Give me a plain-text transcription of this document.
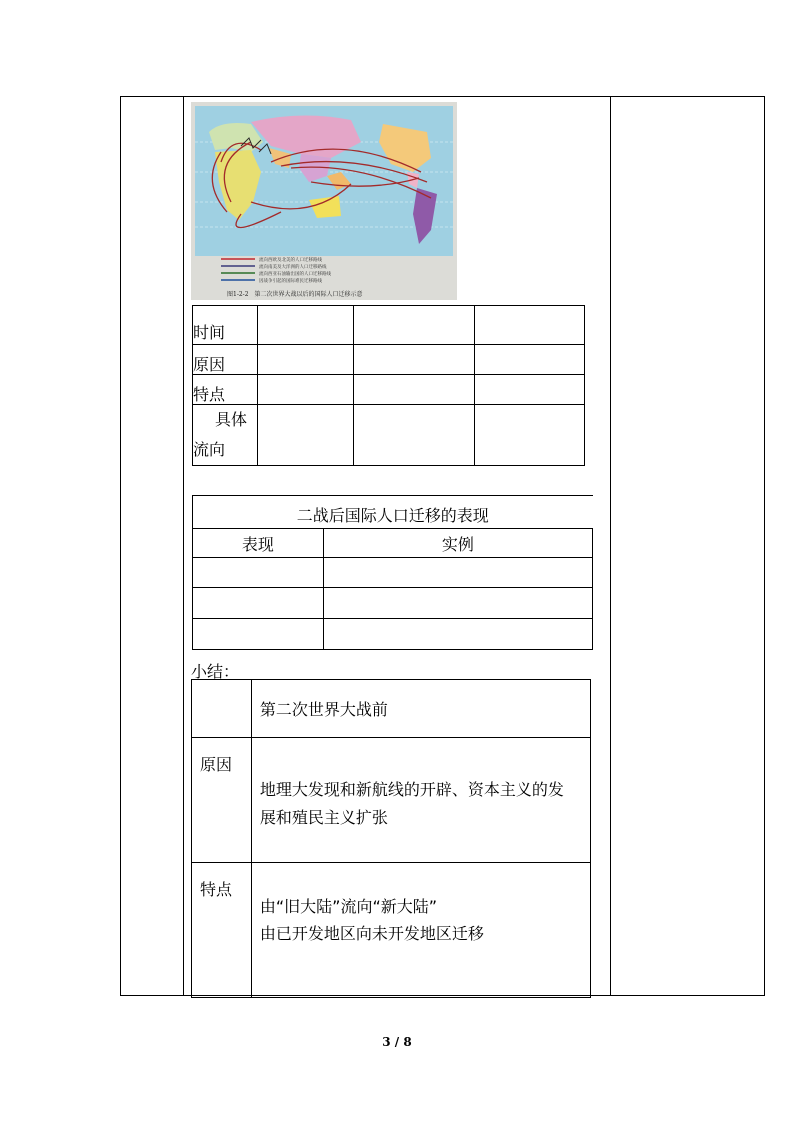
流向西欧及北美的人口迁移路线
流向南美及大洋洲的人口迁移路线
流向西亚石油输出国的人口迁移路线
因战争引起的国际难民迁移路线
图1-2-2　第二次世界大战以后的国际人口迁移示意
时间			
原因			
特点			

具体
流向			

二战后国际人口迁移的表现	
表现	实例

小结：
	第二次世界大战前
原因	地理大发现和新航线的开辟、资本主义的发
展和殖民主义扩张

特点	由“旧大陆”流向“新大陆”
由已开发地区向未开发地区迁移
3 / 8
